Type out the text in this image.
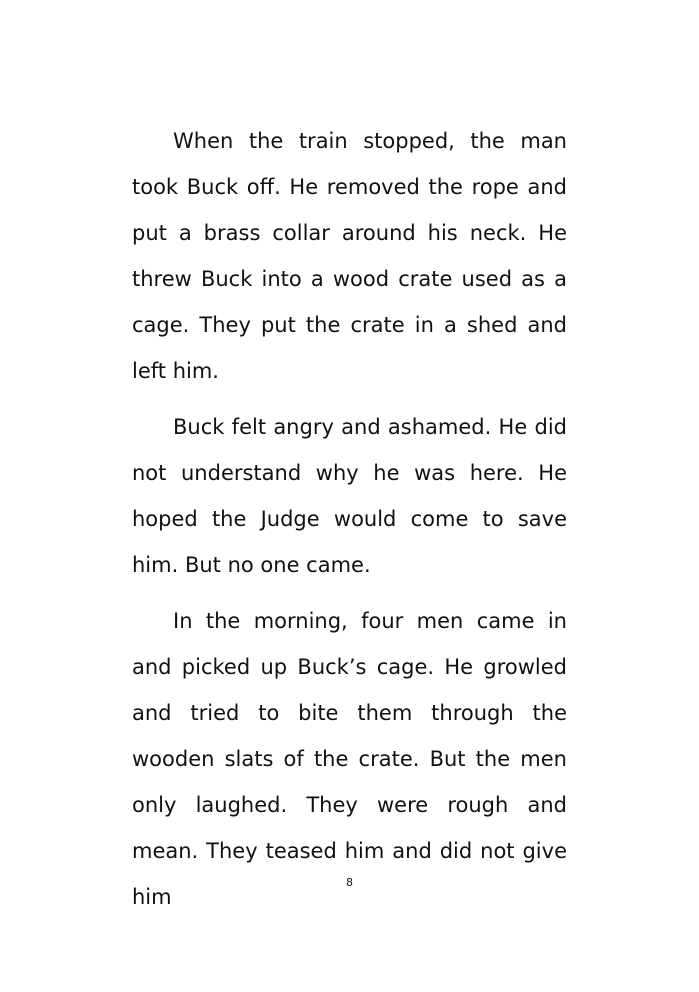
When the train stopped, the man took Buck off. He removed the rope and put a brass collar around his neck. He threw Buck into a wood crate used as a cage. They put the crate in a shed and left him.

Buck felt angry and ashamed. He did not understand why he was here. He hoped the Judge would come to save him. But no one came.

In the morning, four men came in and picked up Buck’s cage. He growled and tried to bite them through the wooden slats of the crate. But the men only laughed. They were rough and mean. They teased him and did not give him

8
